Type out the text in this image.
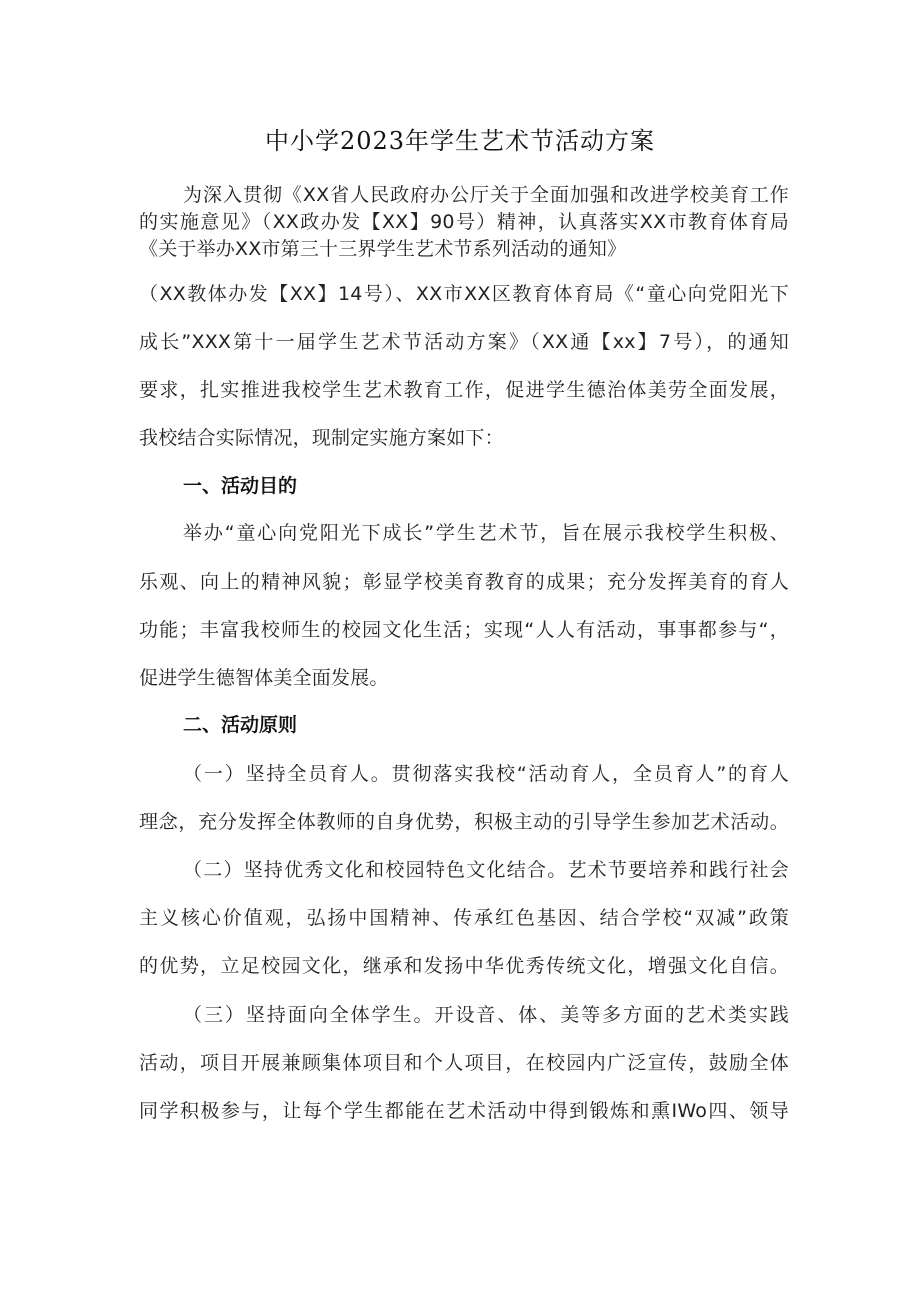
中小学2023年学生艺术节活动方案
为深入贯彻《XX省人民政府办公厅关于全面加强和改进学校美育工作
的实施意见》（XX政办发【XX】90号）精神，认真落实XX市教育体育局
《关于举办XX市第三十三界学生艺术节系列活动的通知》
（XX教体办发【XX】14号）、XX市XX区教育体育局《“童心向党阳光下
成长”XXX第十一届学生艺术节活动方案》（XX通【xx】7号），的通知
要求，扎实推进我校学生艺术教育工作，促进学生德治体美劳全面发展，
我校结合实际情况，现制定实施方案如下：
一、活动目的
举办“童心向党阳光下成长”学生艺术节，旨在展示我校学生积极、
乐观、向上的精神风貌；彰显学校美育教育的成果；充分发挥美育的育人
功能；丰富我校师生的校园文化生活；实现“人人有活动，事事都参与“，
促进学生德智体美全面发展。
二、活动原则
（一）坚持全员育人。贯彻落实我校“活动育人，全员育人”的育人
理念，充分发挥全体教师的自身优势，积极主动的引导学生参加艺术活动。
（二）坚持优秀文化和校园特色文化结合。艺术节要培养和践行社会
主义核心价值观，弘扬中国精神、传承红色基因、结合学校“双减”政策
的优势，立足校园文化，继承和发扬中华优秀传统文化，增强文化自信。
（三）坚持面向全体学生。开设音、体、美等多方面的艺术类实践
活动，项目开展兼顾集体项目和个人项目，在校园内广泛宣传，鼓励全体
同学积极参与，让每个学生都能在艺术活动中得到锻炼和熏IWo四、领导
